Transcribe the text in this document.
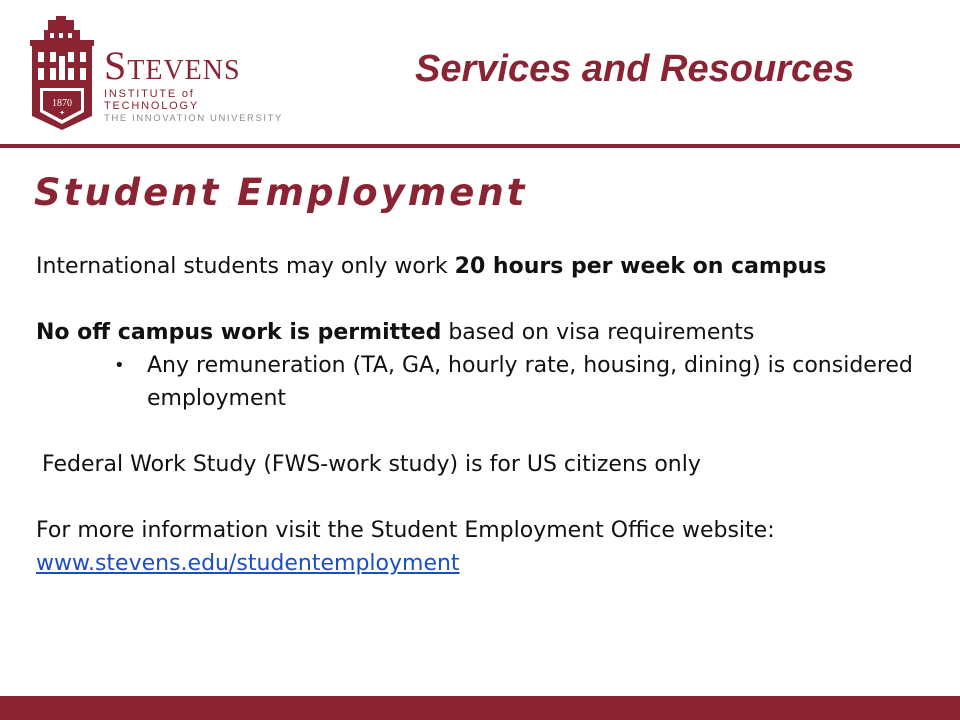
1870
✦
Stevens
INSTITUTE of TECHNOLOGY
THE INNOVATION UNIVERSITY
Services and Resources
Student Employment

International students may only work 20 hours per week on campus

No off campus work is permitted based on visa requirements

• Any remuneration (TA, GA, hourly rate, housing, dining) is considered employment

Federal Work Study (FWS-work study) is for US citizens only

For more information visit the Student Employment Office website:

www.stevens.edu/studentemployment
